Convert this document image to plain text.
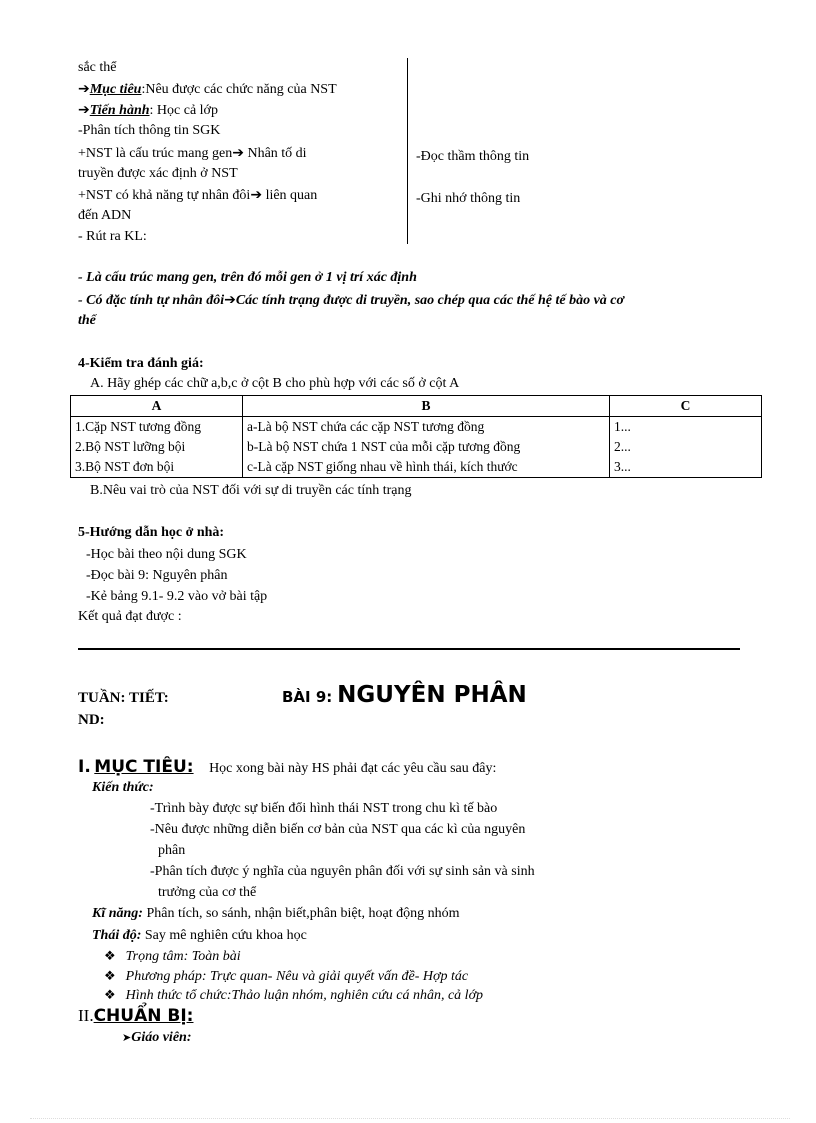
sắc thể
➔Mục tiêu:Nêu được các chức năng của NST
➔Tiến hành: Học cả lớp
-Phân tích thông tin SGK
+NST là cấu trúc mang gen➔ Nhân tố di
truyền được xác định ở NST
+NST có khả năng tự nhân đôi➔ liên quan
đến ADN
- Rút ra KL:
-Đọc thầm thông tin
-Ghi nhớ thông tin
- Là cấu trúc mang gen, trên đó mỗi gen ở 1 vị trí xác định
- Có đặc tính tự nhân đôi➔Các tính trạng được di truyền, sao chép qua các thế hệ tế bào và cơ
thể
4-Kiểm tra đánh giá:
A. Hãy ghép các chữ a,b,c ở cột B cho phù hợp với các số ở cột A
A	B	C

1.Cặp NST tương đồng
2.Bộ NST lưỡng bội
3.Bộ NST đơn bội	a-Là bộ NST chứa các cặp NST tương đồng
b-Là bộ NST chứa 1 NST của mỗi cặp tương đồng
c-Là cặp NST giống nhau về hình thái, kích thước	1...
2...
3...
B.Nêu vai trò của NST đối với sự di truyền các tính trạng
5-Hướng dẫn học ở nhà:
-Học bài theo nội dung SGK
-Đọc bài 9: Nguyên phân
-Kẻ bảng 9.1- 9.2 vào vở bài tập
Kết quả đạt được :
TUẦN: TIẾT:	BÀI 9: NGUYÊN PHÂN
ND:
I. MỤC TIÊU: Học xong bài này HS phải đạt các yêu cầu sau đây:
Kiến thức:
-Trình bày được sự biến đổi hình thái NST trong chu kì tế bào
-Nêu được những diễn biến cơ bản của NST qua các kì của nguyên
phân
-Phân tích được ý nghĩa của nguyên phân đối với sự sinh sản và sinh
trưởng của cơ thể
Kĩ năng: Phân tích, so sánh, nhận biết,phân biệt, hoạt động nhóm
Thái độ: Say mê nghiên cứu khoa học
❖ Trọng tâm: Toàn bài
❖ Phương pháp: Trực quan- Nêu và giải quyết vấn đề- Hợp tác
❖ Hình thức tổ chức:Thảo luận nhóm, nghiên cứu cá nhân, cả lớp
II.CHUẨN BỊ:
➤Giáo viên:
